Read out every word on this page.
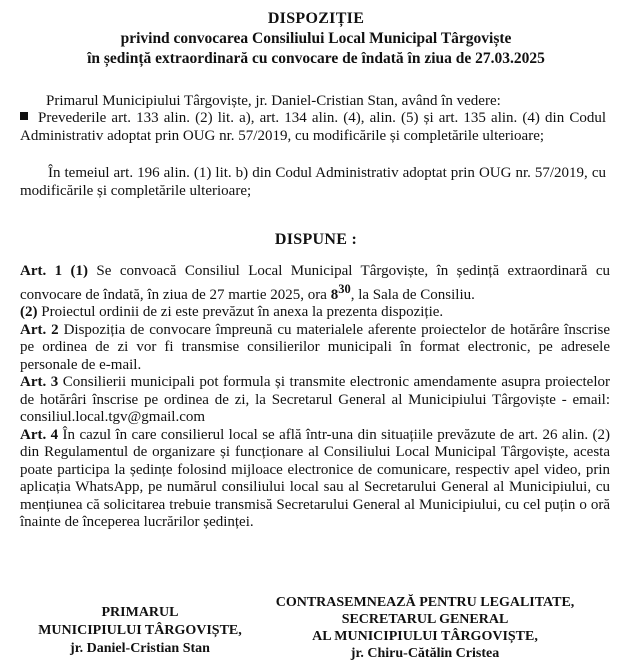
DISPOZIȚIE
privind convocarea Consiliului Local Municipal Târgoviște
în ședință extraordinară cu convocare de îndată în ziua de 27.03.2025
Primarul Municipiului Târgoviște, jr. Daniel-Cristian Stan, având în vedere:
Prevederile art. 133 alin. (2) lit. a), art. 134 alin. (4), alin. (5) și art. 135 alin. (4) din Codul Administrativ adoptat prin OUG nr. 57/2019, cu modificările și completările ulterioare;
În temeiul art. 196 alin. (1) lit. b) din Codul Administrativ adoptat prin OUG nr. 57/2019, cu modificările și completările ulterioare;
DISPUNE :

Art. 1 (1) Se convoacă Consiliul Local Municipal Târgoviște, în ședință extraordinară cu convocare de îndată, în ziua de 27 martie 2025, ora $8^{30}$, la Sala de Consiliu.

(2) Proiectul ordinii de zi este prevăzut în anexa la prezenta dispoziție.

Art. 2 Dispoziția de convocare împreună cu materialele aferente proiectelor de hotărâre înscrise pe ordinea de zi vor fi transmise consilierilor municipali în format electronic, pe adresele personale de e-mail.

Art. 3 Consilierii municipali pot formula și transmite electronic amendamente asupra proiectelor de hotărâri înscrise pe ordinea de zi, la Secretarul General al Municipiului Târgoviște - email: consiliul.local.tgv@gmail.com

Art. 4 În cazul în care consilierul local se află într-una din situațiile prevăzute de art. 26 alin. (2) din Regulamentul de organizare și funcționare al Consiliului Local Municipal Târgoviște, acesta poate participa la ședințe folosind mijloace electronice de comunicare, respectiv apel video, prin aplicația WhatsApp, pe numărul consiliului local sau al Secretarului General al Municipiului, cu mențiunea că solicitarea trebuie transmisă Secretarului General al Municipiului, cu cel puțin o oră înainte de începerea lucrărilor ședinței.

PRIMARUL
MUNICIPIULUI TÂRGOVIȘTE,
jr. Daniel-Cristian Stan
CONTRASEMNEAZĂ PENTRU LEGALITATE,
SECRETARUL GENERAL
AL MUNICIPIULUI TÂRGOVIȘTE,
jr. Chiru-Cătălin Cristea
